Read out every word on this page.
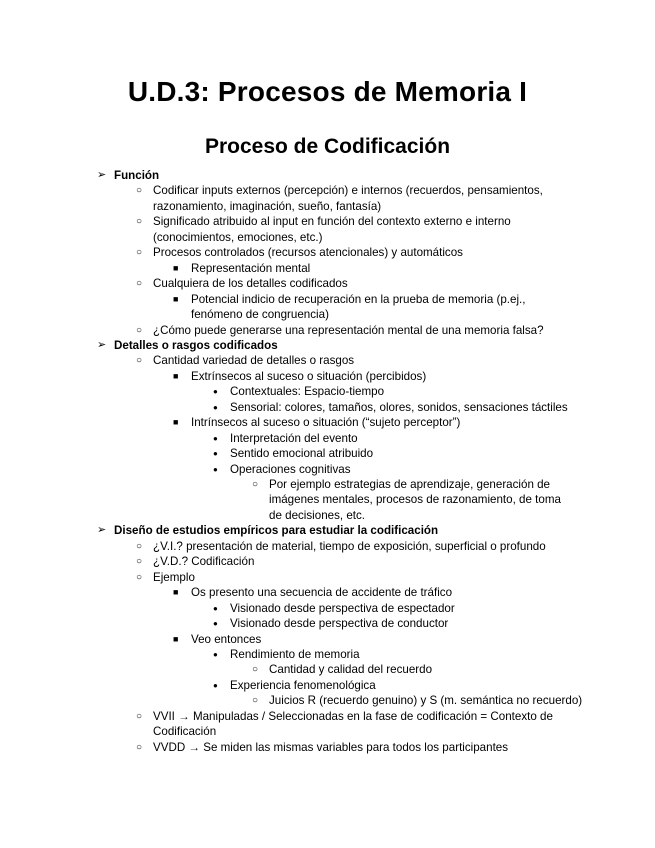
U.D.3: Procesos de Memoria I
Proceso de Codificación
➢ Función
○ Codificar inputs externos (percepción) e internos (recuerdos, pensamientos,
razonamiento, imaginación, sueño, fantasía)
○ Significado atribuido al input en función del contexto externo e interno
(conocimientos, emociones, etc.)
○ Procesos controlados (recursos atencionales) y automáticos
■ Representación mental
○ Cualquiera de los detalles codificados
■ Potencial indicio de recuperación en la prueba de memoria (p.ej.,
fenómeno de congruencia)
○ ¿Cómo puede generarse una representación mental de una memoria falsa?
➢ Detalles o rasgos codificados
○ Cantidad variedad de detalles o rasgos
■ Extrínsecos al suceso o situación (percibidos)
● Contextuales: Espacio-tiempo
● Sensorial: colores, tamaños, olores, sonidos, sensaciones táctiles
■ Intrínsecos al suceso o situación (“sujeto perceptor”)
● Interpretación del evento
● Sentido emocional atribuido
● Operaciones cognitivas
○ Por ejemplo estrategias de aprendizaje, generación de
imágenes mentales, procesos de razonamiento, de toma
de decisiones, etc.
➢ Diseño de estudios empíricos para estudiar la codificación
○ ¿V.I.? presentación de material, tiempo de exposición, superficial o profundo
○ ¿V.D.? Codificación
○ Ejemplo
■ Os presento una secuencia de accidente de tráfico
● Visionado desde perspectiva de espectador
● Visionado desde perspectiva de conductor
■ Veo entonces
● Rendimiento de memoria
○ Cantidad y calidad del recuerdo
● Experiencia fenomenológica
○ Juicios R (recuerdo genuino) y S (m. semántica no recuerdo)
○ VVII → Manipuladas / Seleccionadas en la fase de codificación = Contexto de
Codificación
○ VVDD → Se miden las mismas variables para todos los participantes
